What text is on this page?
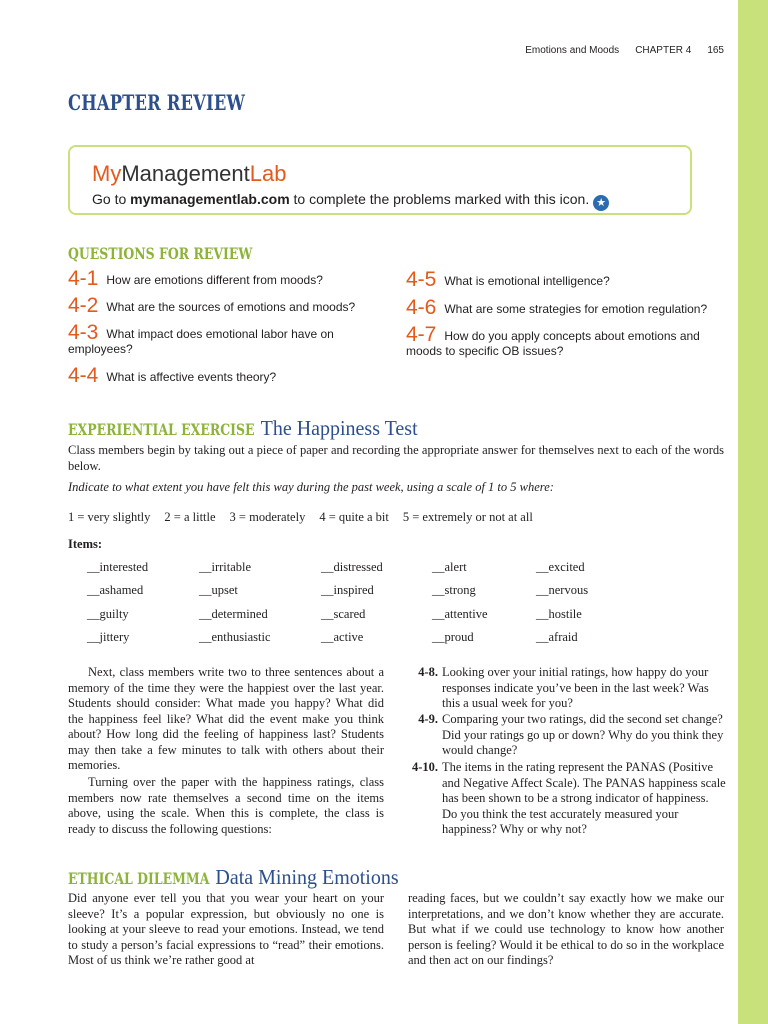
Emotions and Moods CHAPTER 4 165
CHAPTER REVIEW
MyManagementLab
Go to mymanagementlab.com to complete the problems marked with this icon. ★
QUESTIONS FOR REVIEW
4-1 How are emotions different from moods?
4-2 What are the sources of emotions and moods?
4-3 What impact does emotional labor have on employees?
4-4 What is affective events theory?
4-5 What is emotional intelligence?
4-6 What are some strategies for emotion regulation?
4-7 How do you apply concepts about emotions and moods to specific OB issues?
EXPERIENTIAL EXERCISE The Happiness Test
Class members begin by taking out a piece of paper and recording the appropriate answer for themselves next to each of the words below.
Indicate to what extent you have felt this way during the past week, using a scale of 1 to 5 where:
1 = very slightly 2 = a little 3 = moderately 4 = quite a bit 5 = extremely or not at all
Items:
__interested	__irritable	__distressed	__alert	__excited
__ashamed	__upset	__inspired	__strong	__nervous
__guilty	__determined	__scared	__attentive	__hostile
__jittery	__enthusiastic	__active	__proud	__afraid
Next, class members write two to three sentences about a memory of the time they were the happiest over the last year. Students should consider: What made you happy? What did the happiness feel like? What did the event make you think about? How long did the feeling of happiness last? Students may then take a few minutes to talk with others about their memories.
Turning over the paper with the happiness ratings, class members now rate themselves a second time on the items above, using the scale. When this is complete, the class is ready to discuss the following questions:
4-8. Looking over your initial ratings, how happy do your responses indicate you’ve been in the last week? Was this a usual week for you?
4-9. Comparing your two ratings, did the second set change? Did your ratings go up or down? Why do you think they would change?
4-10. The items in the rating represent the PANAS (Positive and Negative Affect Scale). The PANAS happiness scale has been shown to be a strong indicator of happiness. Do you think the test accurately measured your happiness? Why or why not?
ETHICAL DILEMMA Data Mining Emotions
Did anyone ever tell you that you wear your heart on your sleeve? It’s a popular expression, but obviously no one is looking at your sleeve to read your emotions. Instead, we tend to study a person’s facial expressions to “read” their emotions. Most of us think we’re rather good at
reading faces, but we couldn’t say exactly how we make our interpretations, and we don’t know whether they are accurate. But what if we could use technology to know how another person is feeling? Would it be ethical to do so in the workplace and then act on our findings?
